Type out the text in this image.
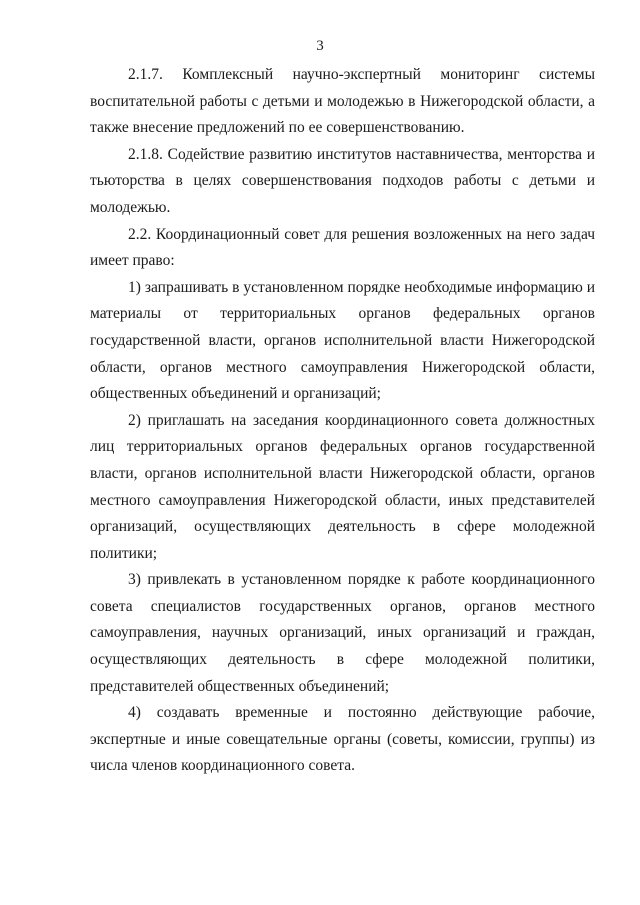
3

2.1.7. Комплексный научно-экспертный мониторинг системы воспитательной работы с детьми и молодежью в Нижегородской области, а также внесение предложений по ее совершенствованию.

2.1.8. Содействие развитию институтов наставничества, менторства и тьюторства в целях совершенствования подходов работы с детьми и молодежью.

2.2. Координационный совет для решения возложенных на него задач имеет право:

1) запрашивать в установленном порядке необходимые информацию и материалы от территориальных органов федеральных органов государственной власти, органов исполнительной власти Нижегородской области, органов местного самоуправления Нижегородской области, общественных объединений и организаций;

2) приглашать на заседания координационного совета должностных лиц территориальных органов федеральных органов государственной власти, органов исполнительной власти Нижегородской области, органов местного самоуправления Нижегородской области, иных представителей организаций, осуществляющих деятельность в сфере молодежной политики;

3) привлекать в установленном порядке к работе координационного совета специалистов государственных органов, органов местного самоуправления, научных организаций, иных организаций и граждан, осуществляющих деятельность в сфере молодежной политики, представителей общественных объединений;

4) создавать временные и постоянно действующие рабочие, экспертные и иные совещательные органы (советы, комиссии, группы) из числа членов координационного совета.
